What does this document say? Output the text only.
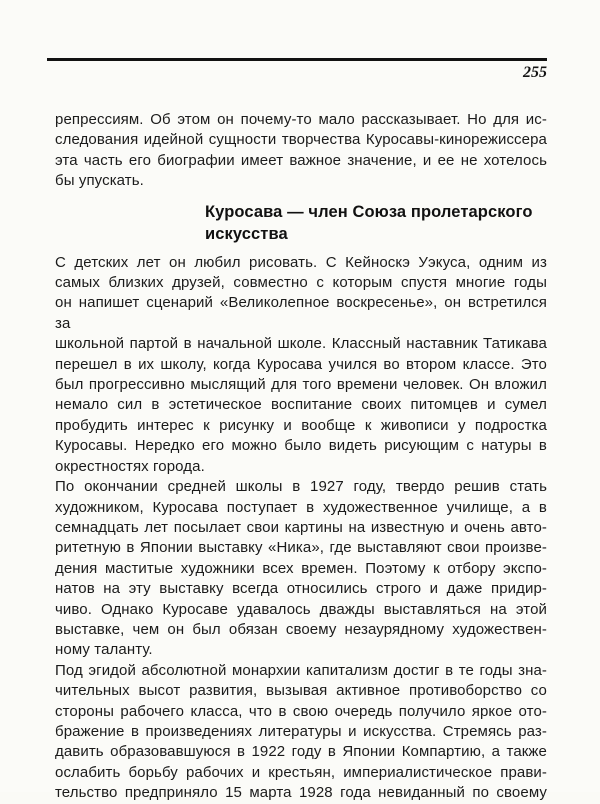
255
репрессиям. Об этом он почему-то мало рассказывает. Но для ис-
следования идейной сущности творчества Куросавы-кинорежиссера
эта часть его биографии имеет важное значение, и ее не хотелось
бы упускать.
Куросава — член Союза пролетарского
искусства
С детских лет он любил рисовать. С Кейноскэ Уэкуса, одним из
самых близких друзей, совместно с которым спустя многие годы
он напишет сценарий «Великолепное воскресенье», он встретился за
школьной партой в начальной школе. Классный наставник Татикава
перешел в их школу, когда Куросава учился во втором классе. Это
был прогрессивно мыслящий для того времени человек. Он вложил
немало сил в эстетическое воспитание своих питомцев и сумел
пробудить интерес к рисунку и вообще к живописи у подростка
Куросавы. Нередко его можно было видеть рисующим с натуры в
окрестностях города.
По окончании средней школы в 1927 году, твердо решив стать
художником, Куросава поступает в художественное училище, а в
семнадцать лет посылает свои картины на известную и очень авто-
ритетную в Японии выставку «Ника», где выставляют свои произве-
дения маститые художники всех времен. Поэтому к отбору экспо-
натов на эту выставку всегда относились строго и даже придир-
чиво. Однако Куросаве удавалось дважды выставляться на этой
выставке, чем он был обязан своему незаурядному художествен-
ному таланту.
Под эгидой абсолютной монархии капитализм достиг в те годы зна-
чительных высот развития, вызывая активное противоборство со
стороны рабочего класса, что в свою очередь получило яркое ото-
бражение в произведениях литературы и искусства. Стремясь раз-
давить образовавшуюся в 1922 году в Японии Компартию, а также
ослабить борьбу рабочих и крестьян, империалистическое прави-
тельство предприняло 15 марта 1928 года невиданный по своему
